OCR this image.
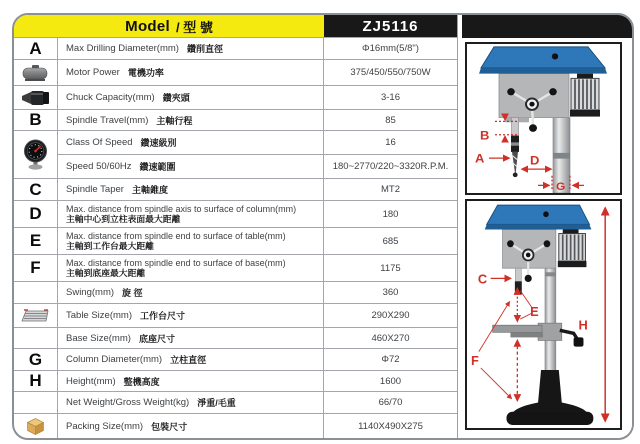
Model / 型 號	ZJ5116
A	Max Drilling Diameter(mm) 鑽削直徑	Φ16mm(5/8")
Motor Power 電機功率	375/450/550/750W
Chuck Capacity(mm) 鑽夾頭	3-16
B	Spindle Travel(mm) 主軸行程	85
Class Of Speed 鑽速級別	16
Speed 50/60Hz 鑽速範圍	180~2770/220~3320R.P.M.
C	Spindle Taper 主軸錐度	MT2
D	Max. distance from spindle axis to surface of column(mm)
主軸中心到立柱表面最大距離	180
E	Max. distance from spindle end to surface of table(mm)
主軸到工作台最大距離	685
F	Max. distance from spindle end to surface of base(mm)
主軸到底座最大距離	1175
Swing(mm) 旋 徑	360
Table Size(mm) 工作台尺寸	290X290
Base Size(mm) 底座尺寸	460X270
G	Column Diameter(mm) 立柱直徑	Φ72
H	Height(mm) 整機高度	1600
Net Weight/Gross Weight(kg) 淨重/毛重	66/70
Packing Size(mm) 包裝尺寸	1140X490X275
B
A	D
G
C
E
F
H
